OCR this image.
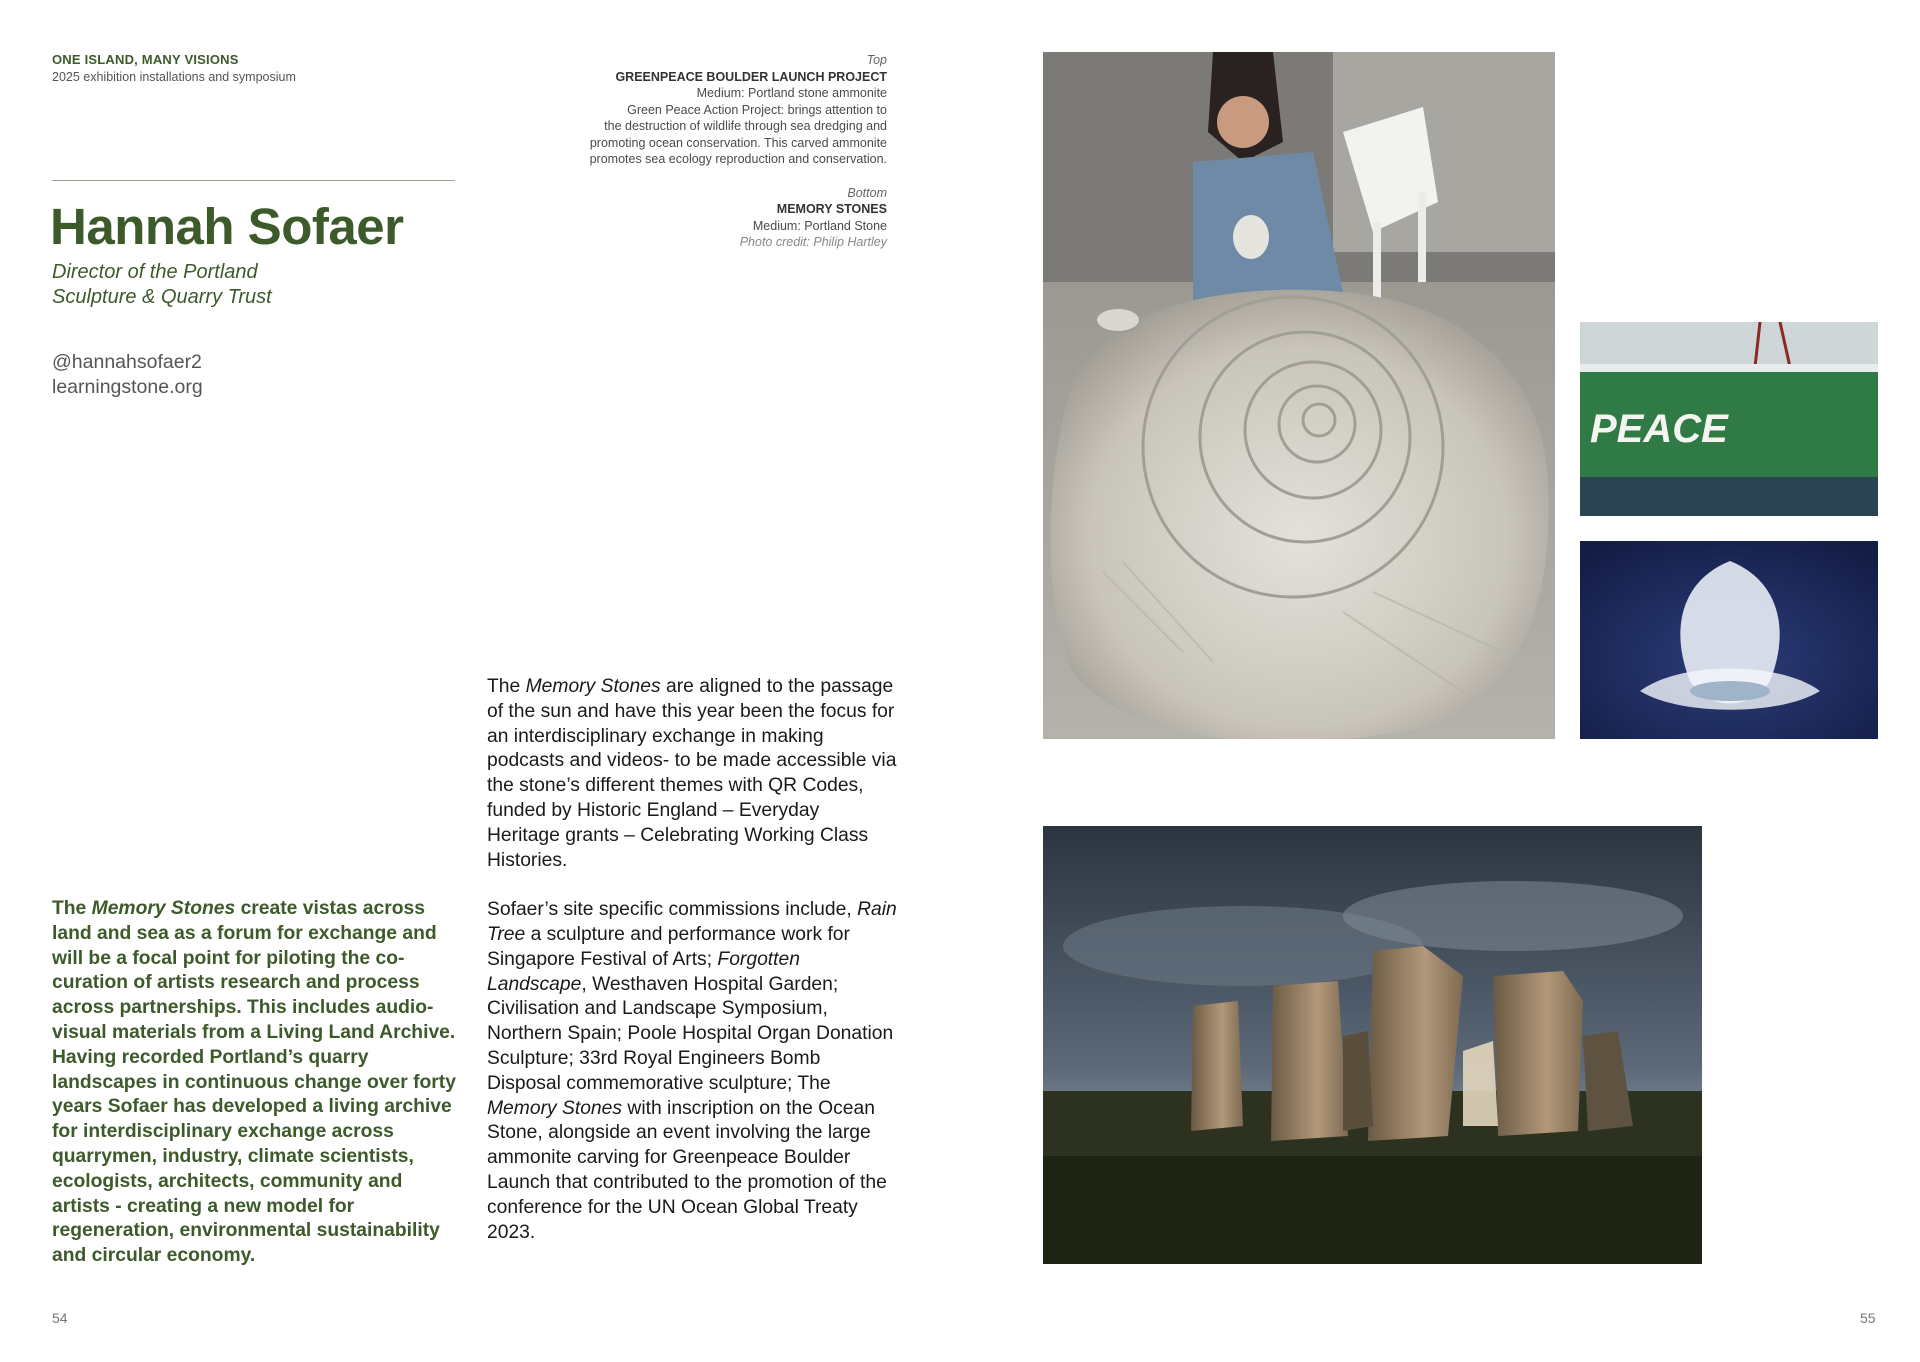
ONE ISLAND, MANY VISIONS
2025 exhibition installations and symposium
Top
GREENPEACE BOULDER LAUNCH PROJECT
Medium: Portland stone ammonite
Green Peace Action Project: brings attention to
the destruction of wildlife through sea dredging and
promoting ocean conservation. This carved ammonite
promotes sea ecology reproduction and conservation.
Bottom
MEMORY STONES
Medium: Portland Stone
Photo credit: Philip Hartley
Hannah Sofaer
Director of the Portland
Sculpture & Quarry Trust
@hannahsofaer2
learningstone.org
The Memory Stones create vistas across land and sea as a forum for exchange and will be a focal point for piloting the co-curation of artists research and process across partnerships. This includes audio-visual materials from a Living Land Archive. Having recorded Portland’s quarry landscapes in continuous change over forty years Sofaer has developed a living archive for interdisciplinary exchange across quarrymen, industry, climate scientists, ecologists, architects, community and artists - creating a new model for regeneration, environmental sustainability and circular economy.

The Memory Stones are aligned to the passage of the sun and have this year been the focus for an interdisciplinary exchange in making podcasts and videos- to be made accessible via the stone’s different themes with QR Codes, funded by Historic England – Everyday Heritage grants – Celebrating Working Class Histories.

Sofaer’s site specific commissions include, Rain Tree a sculpture and performance work for Singapore Festival of Arts; Forgotten Landscape, Westhaven Hospital Garden; Civilisation and Landscape Symposium, Northern Spain; Poole Hospital Organ Donation Sculpture; 33rd Royal Engineers Bomb Disposal commemorative sculpture; The Memory Stones with inscription on the Ocean Stone, alongside an event involving the large ammonite carving for Greenpeace Boulder Launch that contributed to the promotion of the conference for the UN Ocean Global Treaty 2023.

PEACE
54	55
